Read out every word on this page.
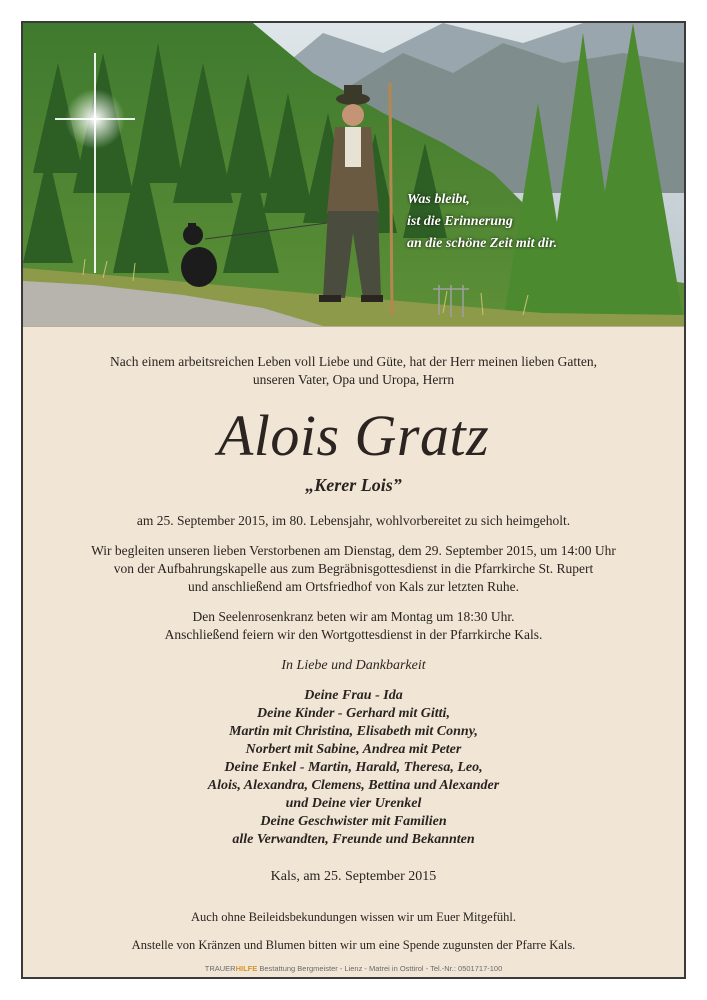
Was bleibt,
ist die Erinnerung
an die schöne Zeit mit dir.
Nach einem arbeitsreichen Leben voll Liebe und Güte, hat der Herr meinen lieben Gatten,
unseren Vater, Opa und Uropa, Herrn
Alois Gratz
„Kerer Lois”
am 25. September 2015, im 80. Lebensjahr, wohlvorbereitet zu sich heimgeholt.
Wir begleiten unseren lieben Verstorbenen am Dienstag, dem 29. September 2015, um 14:00 Uhr
von der Aufbahrungskapelle aus zum Begräbnisgottesdienst in die Pfarrkirche St. Rupert
und anschließend am Ortsfriedhof von Kals zur letzten Ruhe.
Den Seelenrosenkranz beten wir am Montag um 18:30 Uhr.
Anschließend feiern wir den Wortgottesdienst in der Pfarrkirche Kals.
In Liebe und Dankbarkeit
Deine Frau - Ida
Deine Kinder - Gerhard mit Gitti,
Martin mit Christina, Elisabeth mit Conny,
Norbert mit Sabine, Andrea mit Peter
Deine Enkel - Martin, Harald, Theresa, Leo,
Alois, Alexandra, Clemens, Bettina und Alexander
und Deine vier Urenkel
Deine Geschwister mit Familien
alle Verwandten, Freunde und Bekannten
Kals, am 25. September 2015
Auch ohne Beileidsbekundungen wissen wir um Euer Mitgefühl.
Anstelle von Kränzen und Blumen bitten wir um eine Spende zugunsten der Pfarre Kals.
TRAUERHILFE Bestattung Bergmeister - Lienz - Matrei in Osttirol - Tel.-Nr.: 0501717-100
